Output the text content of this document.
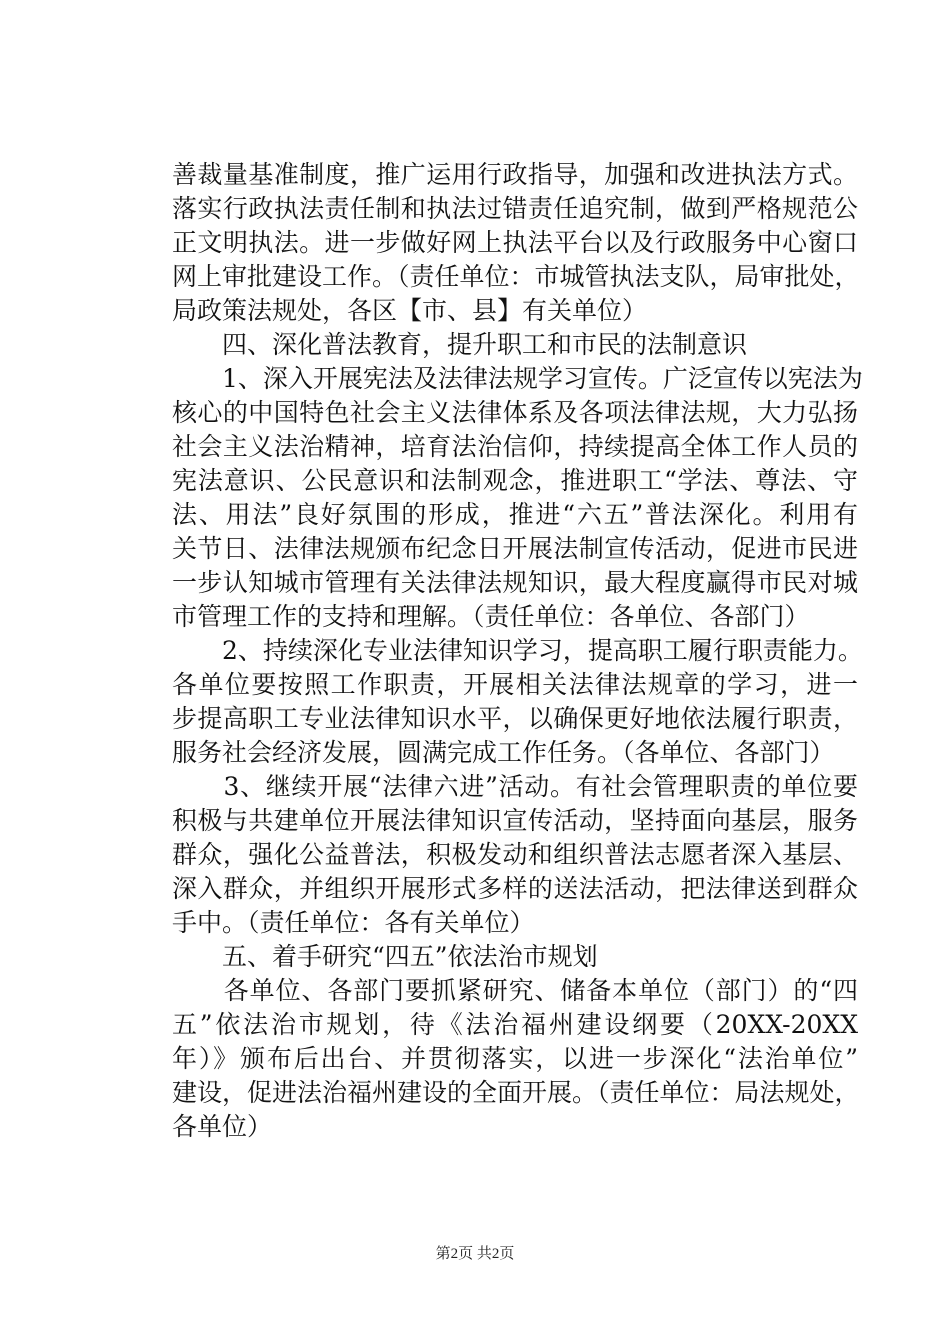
善裁量基准制度，推广运用行政指导，加强和改进执法方式。
落实行政执法责任制和执法过错责任追究制，做到严格规范公
正文明执法。进一步做好网上执法平台以及行政服务中心窗口
网上审批建设工作。（责任单位：市城管执法支队，局审批处，
局政策法规处，各区【市、县】有关单位）
　　四、深化普法教育，提升职工和市民的法制意识
　　1、深入开展宪法及法律法规学习宣传。广泛宣传以宪法为
核心的中国特色社会主义法律体系及各项法律法规，大力弘扬
社会主义法治精神，培育法治信仰，持续提高全体工作人员的
宪法意识、公民意识和法制观念，推进职工“学法、尊法、守
法、用法”良好氛围的形成，推进“六五”普法深化。利用有
关节日、法律法规颁布纪念日开展法制宣传活动，促进市民进
一步认知城市管理有关法律法规知识，最大程度赢得市民对城
市管理工作的支持和理解。（责任单位：各单位、各部门）
　　2、持续深化专业法律知识学习，提高职工履行职责能力。
各单位要按照工作职责，开展相关法律法规章的学习，进一
步提高职工专业法律知识水平，以确保更好地依法履行职责，
服务社会经济发展，圆满完成工作任务。（各单位、各部门）
　　3、继续开展“法律六进”活动。有社会管理职责的单位要
积极与共建单位开展法律知识宣传活动，坚持面向基层，服务
群众，强化公益普法，积极发动和组织普法志愿者深入基层、
深入群众，并组织开展形式多样的送法活动，把法律送到群众
手中。（责任单位：各有关单位）
　　五、着手研究“四五”依法治市规划
　　各单位、各部门要抓紧研究、储备本单位（部门）的“四
五”依法治市规划，待《法治福州建设纲要（20XX-20XX
年）》颁布后出台、并贯彻落实，以进一步深化“法治单位”
建设，促进法治福州建设的全面开展。（责任单位：局法规处，
各单位）
第2页 共2页
